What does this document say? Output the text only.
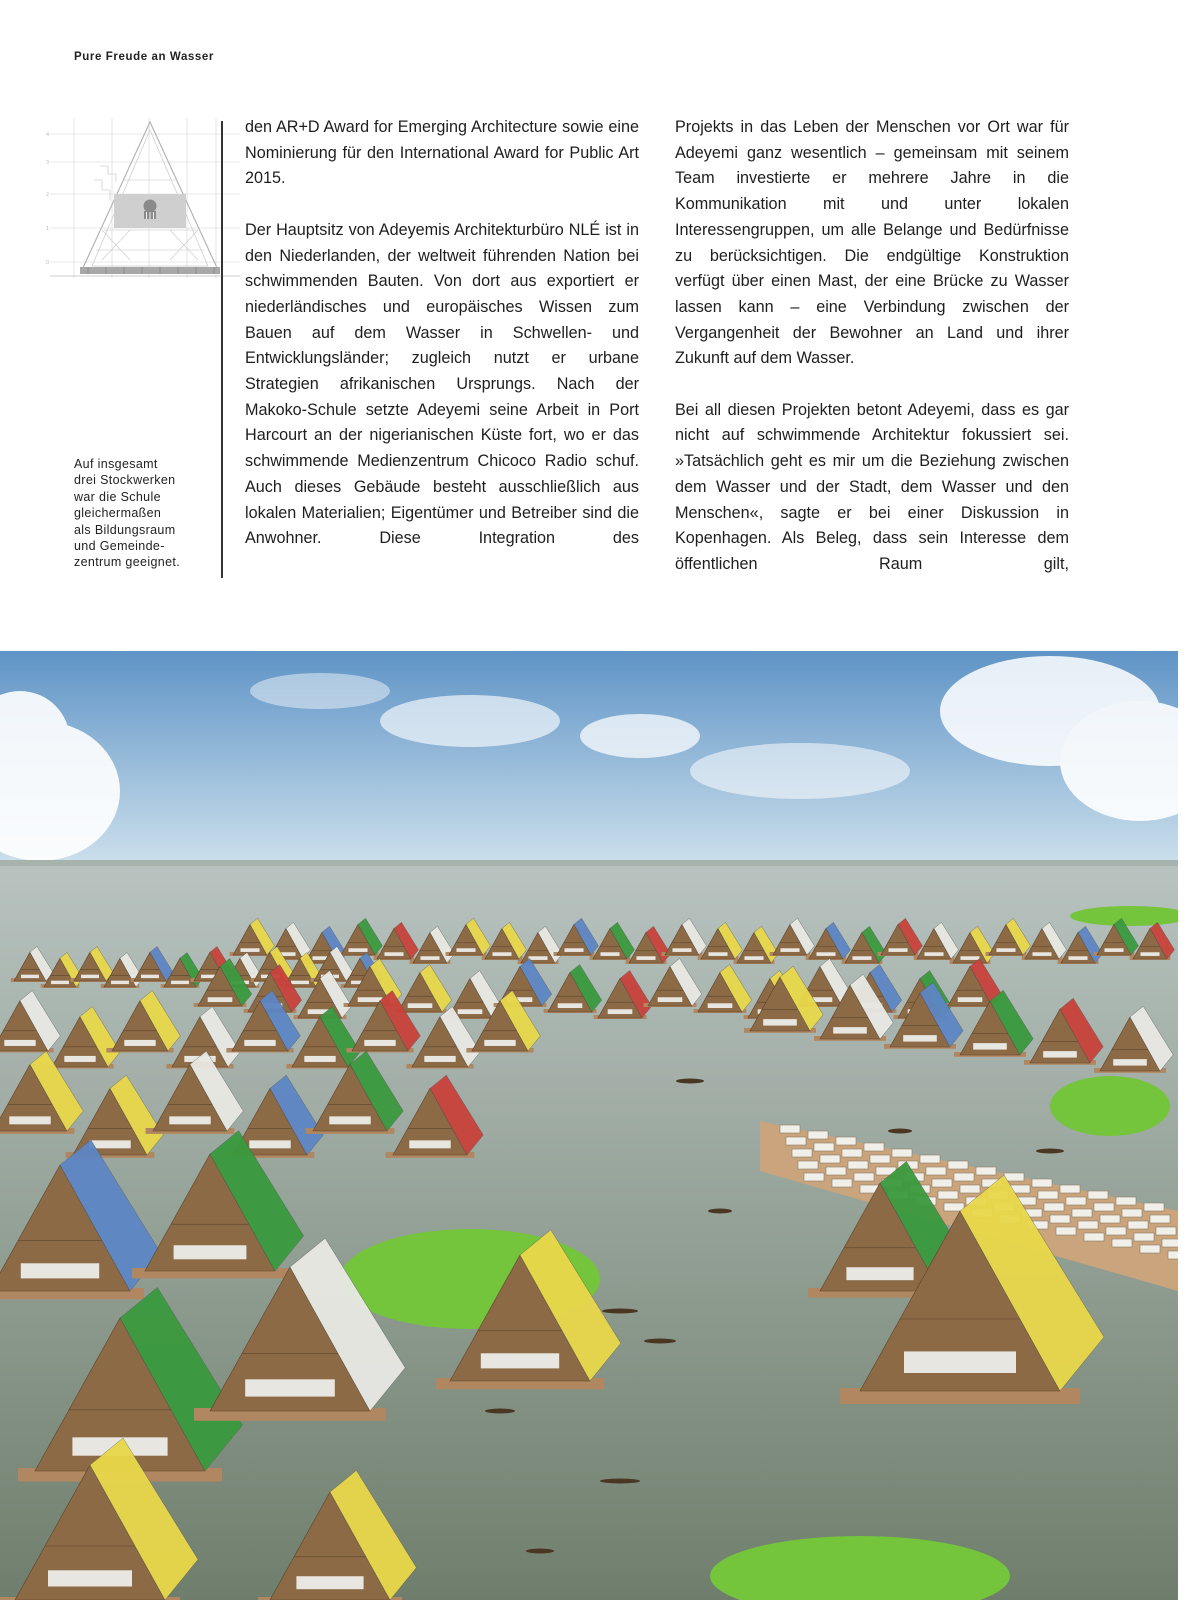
Pure Freude an Wasser
4
3
2
1
0
Auf insgesamt
drei Stockwerken
war die Schule
gleichermaßen
als Bildungsraum
und Gemeinde-
zentrum geeignet.

den AR+D Award for Emerging Architecture sowie eine Nominierung für den International Award for Public Art 2015.

Der Hauptsitz von Adeyemis Architekturbüro NLÉ ist in den Niederlanden, der weltweit führenden Nation bei schwimmenden Bauten. Von dort aus exportiert er niederländisches und europäisches Wissen zum Bauen auf dem Wasser in Schwellen- und Entwicklungsländer; zugleich nutzt er urbane Strategien afrikanischen Ursprungs. Nach der Makoko-Schule setzte Adeyemi seine Arbeit in Port Harcourt an der nigerianischen Küste fort, wo er das schwimmende Medienzentrum Chicoco Radio schuf. Auch dieses Gebäude besteht ausschließlich aus lokalen Materialien; Eigentümer und Betreiber sind die Anwohner. Diese Integration des

Projekts in das Leben der Menschen vor Ort war für Adeyemi ganz wesentlich – gemeinsam mit seinem Team investierte er mehrere Jahre in die Kommunikation mit und unter lokalen Interessengruppen, um alle Belange und Bedürfnisse zu berücksichtigen. Die endgültige Konstruktion verfügt über einen Mast, der eine Brücke zu Wasser lassen kann – eine Verbindung zwischen der Vergangenheit der Bewohner an Land und ihrer Zukunft auf dem Wasser.

Bei all diesen Projekten betont Adeyemi, dass es gar nicht auf schwimmende Architektur fokussiert sei. »Tatsächlich geht es mir um die Beziehung zwischen dem Wasser und der Stadt, dem Wasser und den Menschen«, sagte er bei einer Diskussion in Kopenhagen. Als Beleg, dass sein Interesse dem öffentlichen Raum gilt,
